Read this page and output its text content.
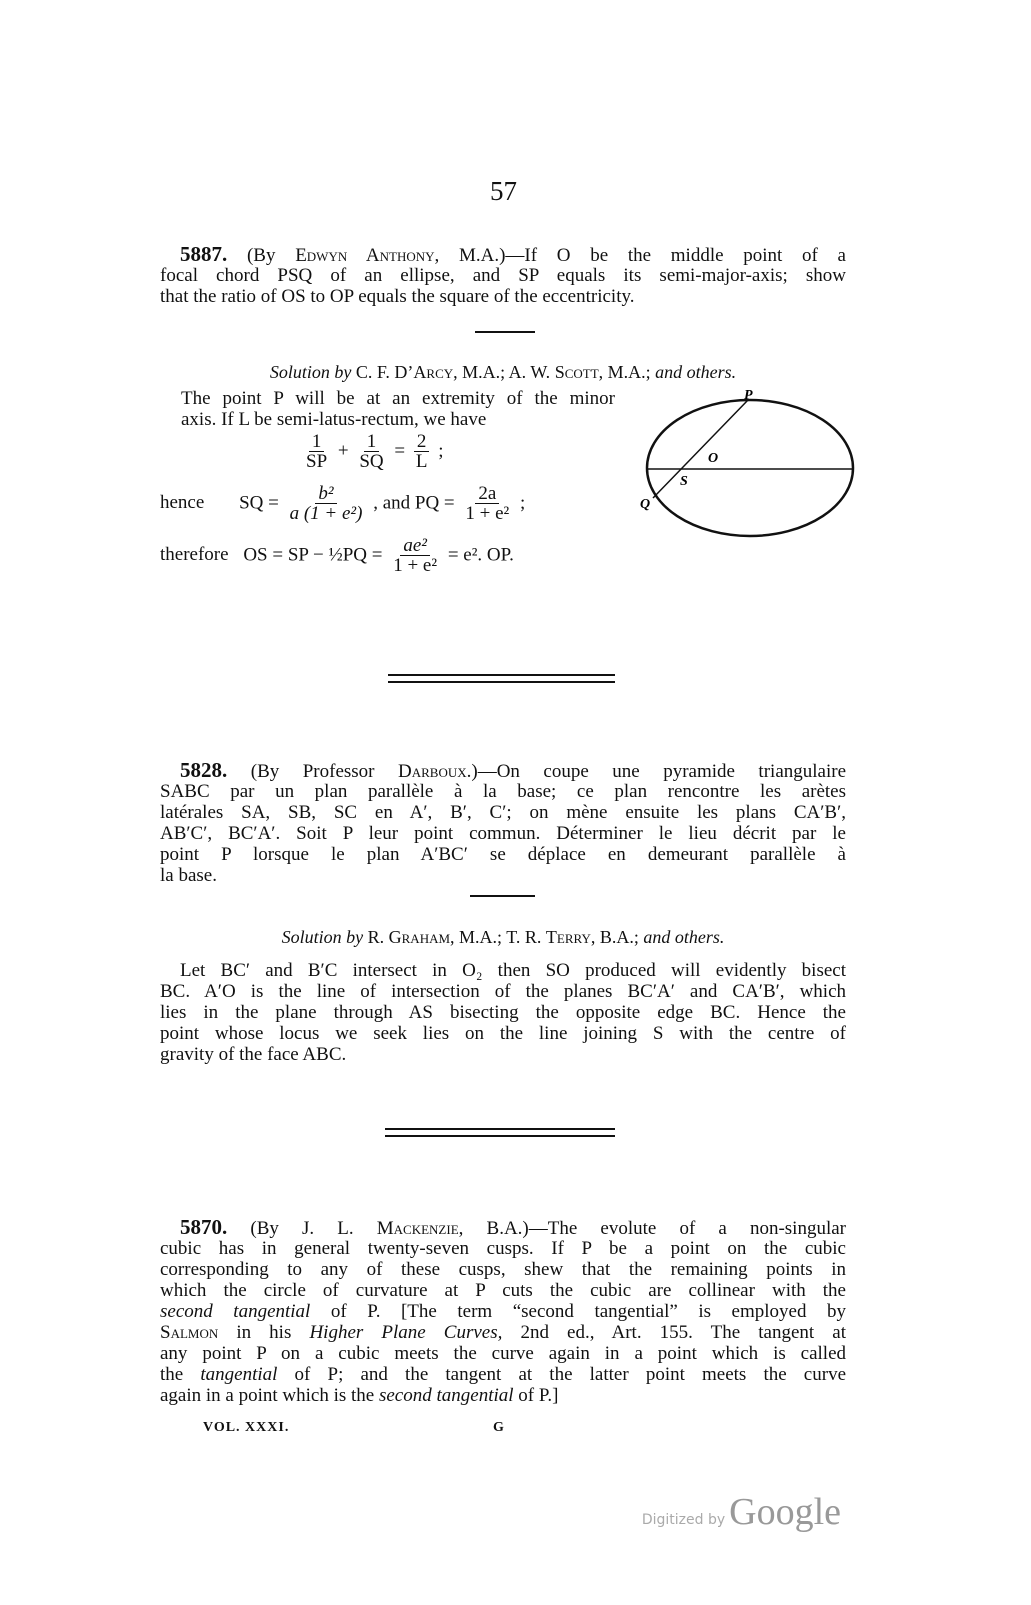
57
5887. (By Edwyn Anthony, M.A.)—If O be the middle point of a
focal chord PSQ of an ellipse, and SP equals its semi-major-axis; show
that the ratio of OS to OP equals the square of the eccentricity.
Solution by C. F. D’Arcy, M.A.; A. W. Scott, M.A.; and others.
The point P will be at an extremity of the minor
axis. If L be semi-latus-rectum, we have
$\frac{1}{SP} + \frac{1}{SQ} = \frac{2}{L}$ ;
hence SQ = $\frac{\text{b²}}{\text{a (1 + e²)}}$ , and PQ = $\frac{2a}{\text{1 + e²}}$ ;
therefore OS = SP − ½PQ = $\frac{\text{ae²}}{\text{1 + e²}} = e^2$. OP.
P
O
S
Q
5828. (By Professor Darboux.)—On coupe une pyramide triangulaire
SABC par un plan parallèle à la base; ce plan rencontre les arètes
latérales SA, SB, SC en A′, B′, C′; on mène ensuite les plans CA′B′,
AB′C′, BC′A′. Soit P leur point commun. Déterminer le lieu décrit par le
point P lorsque le plan A′BC′ se déplace en demeurant parallèle à
la base.
Solution by R. Graham, M.A.; T. R. Terry, B.A.; and others.
Let BC′ and B′C intersect in O₂ then SO produced will evidently bisect
BC. A′O is the line of intersection of the planes BC′A′ and CA′B′, which
lies in the plane through AS bisecting the opposite edge BC. Hence the
point whose locus we seek lies on the line joining S with the centre of
gravity of the face ABC.
5870. (By J. L. Mackenzie, B.A.)—The evolute of a non-singular
cubic has in general twenty-seven cusps. If P be a point on the cubic
corresponding to any of these cusps, shew that the remaining points in
which the circle of curvature at P cuts the cubic are collinear with the
second tangential of P. [The term “second tangential” is employed by
Salmon in his Higher Plane Curves, 2nd ed., Art. 155. The tangent at
any point P on a cubic meets the curve again in a point which is called
the tangential of P; and the tangent at the latter point meets the curve
again in a point which is the second tangential of P.]
VOL. XXXI.	G
Digitized by Google
